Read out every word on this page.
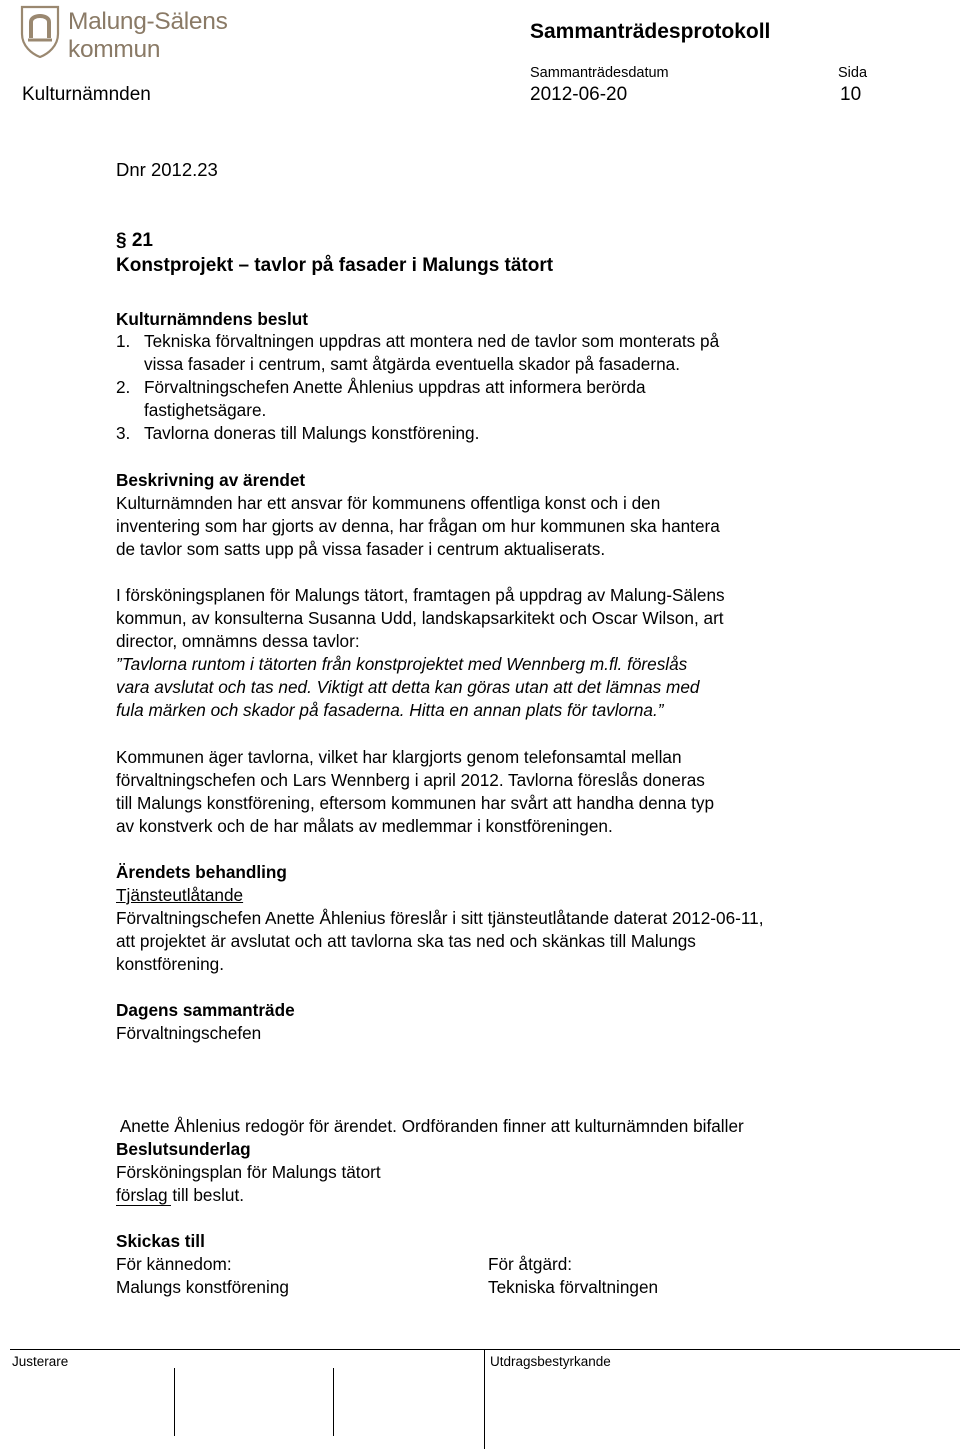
Malung-Sälens kommun
Sammanträdesprotokoll
Sammanträdesdatum	Sida
Kulturnämnden	2012-06-20	10
Dnr 2012.23
§ 21
Konstprojekt – tavlor på fasader i Malungs tätort
Kulturnämndens beslut
1. Tekniska förvaltningen uppdras att montera ned de tavlor som monterats på
vissa fasader i centrum, samt åtgärda eventuella skador på fasaderna.
2. Förvaltningschefen Anette Åhlenius uppdras att informera berörda
fastighetsägare.
3. Tavlorna doneras till Malungs konstförening.
Beskrivning av ärendet
Kulturnämnden har ett ansvar för kommunens offentliga konst och i den
inventering som har gjorts av denna, har frågan om hur kommunen ska hantera
de tavlor som satts upp på vissa fasader i centrum aktualiserats.
I försköningsplanen för Malungs tätort, framtagen på uppdrag av Malung-Sälens
kommun, av konsulterna Susanna Udd, landskapsarkitekt och Oscar Wilson, art
director, omnämns dessa tavlor:
”Tavlorna runtom i tätorten från konstprojektet med Wennberg m.fl. föreslås
vara avslutat och tas ned. Viktigt att detta kan göras utan att det lämnas med
fula märken och skador på fasaderna. Hitta en annan plats för tavlorna.”
Kommunen äger tavlorna, vilket har klargjorts genom telefonsamtal mellan
förvaltningschefen och Lars Wennberg i april 2012. Tavlorna föreslås doneras
till Malungs konstförening, eftersom kommunen har svårt att handha denna typ
av konstverk och de har målats av medlemmar i konstföreningen.
Ärendets behandling
Tjänsteutlåtande
Förvaltningschefen Anette Åhlenius föreslår i sitt tjänsteutlåtande daterat 2012-06-11,
att projektet är avslutat och att tavlorna ska tas ned och skänkas till Malungs
konstförening.
Dagens sammanträde
Förvaltningschefen

Anette Åhlenius redogör för ärendet. Ordföranden finner att kulturnämnden bifaller

förslag till beslut.

Beslutsunderlag
Försköningsplan för Malungs tätort
Skickas till
För kännedom:
Malungs konstförening
För åtgärd:
Tekniska förvaltningen
Justerare	Utdragsbestyrkande
